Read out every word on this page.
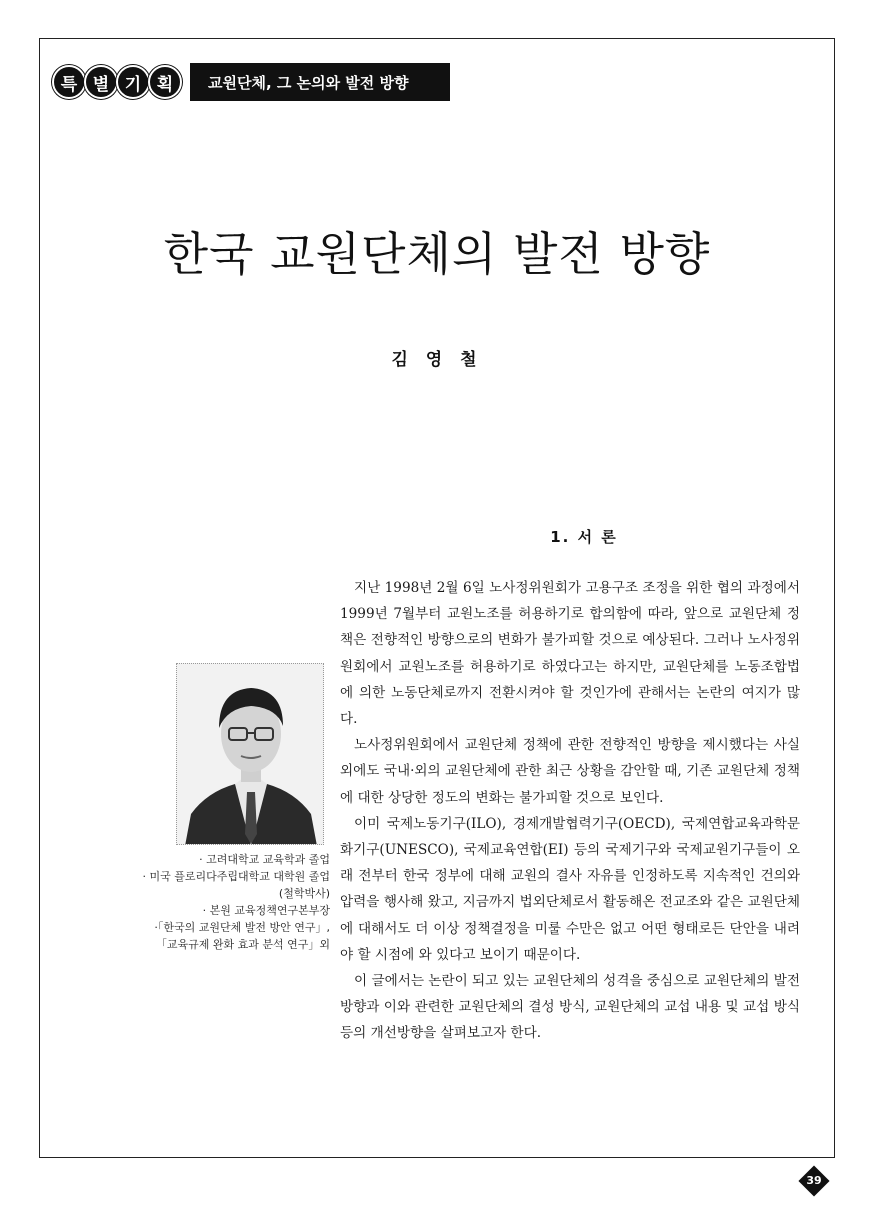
특 별 기 획	교원단체, 그 논의와 발전 방향
한국 교원단체의 발전 방향
김 영 철
· 고려대학교 교육학과 졸업
· 미국 플로리다주립대학교 대학원 졸업
(철학박사)
· 본원 교육정책연구본부장
·「한국의 교원단체 발전 방안 연구」,
「교육규제 완화 효과 분석 연구」외
1. 서 론

지난 1998년 2월 6일 노사정위원회가 고용구조 조정을 위한 협의 과정에서 1999년 7월부터 교원노조를 허용하기로 합의함에 따라, 앞으로 교원단체 정책은 전향적인 방향으로의 변화가 불가피할 것으로 예상된다. 그러나 노사정위원회에서 교원노조를 허용하기로 하였다고는 하지만, 교원단체를 노동조합법에 의한 노동단체로까지 전환시켜야 할 것인가에 관해서는 논란의 여지가 많다.

노사정위원회에서 교원단체 정책에 관한 전향적인 방향을 제시했다는 사실 외에도 국내·외의 교원단체에 관한 최근 상황을 감안할 때, 기존 교원단체 정책에 대한 상당한 정도의 변화는 불가피할 것으로 보인다.

이미 국제노동기구(ILO), 경제개발협력기구(OECD), 국제연합교육과학문화기구(UNESCO), 국제교육연합(EI) 등의 국제기구와 국제교원기구들이 오래 전부터 한국 정부에 대해 교원의 결사 자유를 인정하도록 지속적인 건의와 압력을 행사해 왔고, 지금까지 법외단체로서 활동해온 전교조와 같은 교원단체에 대해서도 더 이상 정책결정을 미룰 수만은 없고 어떤 형태로든 단안을 내려야 할 시점에 와 있다고 보이기 때문이다.

이 글에서는 논란이 되고 있는 교원단체의 성격을 중심으로 교원단체의 발전방향과 이와 관련한 교원단체의 결성 방식, 교원단체의 교섭 내용 및 교섭 방식 등의 개선방향을 살펴보고자 한다.

39
